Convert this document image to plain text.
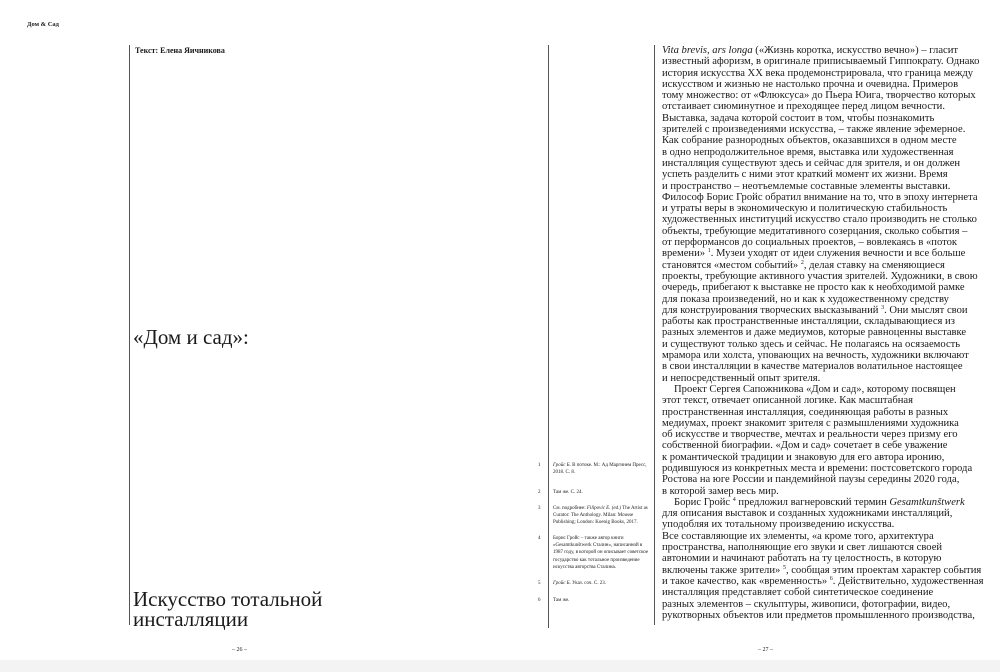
Дом & Сад
Текст: Елена Яичникова
«Дом и сад»:
Искусство тотальной
инсталляции
– 26 –
1	Гройс Б. В потоке. М.: Ад Маргинем Пресс, 2018. С. 8.
2	Там же. С. 24.
3	См. подробнее: Filipovic E. (ed.) The Artist as Curator: The Anthology. Milan: Mousse Publishing; London: Koenig Books, 2017.
4	Борис Гройс – также автор книги «Gesamtkunštwerk Сталин», написанной в 1987 году, в которой он описывает советское государство как тотальное произведение искусства авторства Сталина.
5	Гройс Б. Указ. соч. С. 23.
6	Там же.
Vita brevis, ars longa («Жизнь коротка, искусство вечно») – гласит
известный афоризм, в оригинале приписываемый Гиппократу. Однако
история искусства XX века продемонстрировала, что граница между
искусством и жизнью не настолько прочна и очевидна. Примеров
тому множество: от «Флюксуса» до Пьера Юига, творчество которых
отстаивает сиюминутное и преходящее перед лицом вечности.
Выставка, задача которой состоит в том, чтобы познакомить
зрителей с произведениями искусства, – также явление эфемерное.
Как собрание разнородных объектов, оказавшихся в одном месте
в одно непродолжительное время, выставка или художественная
инсталляция существуют здесь и сейчас для зрителя, и он должен
успеть разделить с ними этот краткий момент их жизни. Время
и пространство – неотъемлемые составные элементы выставки.
Философ Борис Гройс обратил внимание на то, что в эпоху интернета
и утраты веры в экономическую и политическую стабильность
художественных институций искусство стало производить не столько
объекты, требующие медитативного созерцания, сколько события –
от перформансов до социальных проектов, – вовлекаясь в «поток
времени» $^1$. Музеи уходят от идеи служения вечности и все больше
становятся «местом событий» $^2$, делая ставку на сменяющиеся
проекты, требующие активного участия зрителей. Художники, в свою
очередь, прибегают к выставке не просто как к необходимой рамке
для показа произведений, но и как к художественному средству
для конструирования творческих высказываний $^3$. Они мыслят свои
работы как пространственные инсталляции, складывающиеся из
разных элементов и даже медиумов, которые равноценны выставке
и существуют только здесь и сейчас. Не полагаясь на осязаемость
мрамора или холста, уповающих на вечность, художники включают
в свои инсталляции в качестве материалов волатильное настоящее
и непосредственный опыт зрителя.
Проект Сергея Сапожникова «Дом и сад», которому посвящен
этот текст, отвечает описанной логике. Как масштабная
пространственная инсталляция, соединяющая работы в разных
медиумах, проект знакомит зрителя с размышлениями художника
об искусстве и творчестве, мечтах и реальности через призму его
собственной биографии. «Дом и сад» сочетает в себе уважение
к романтической традиции и знаковую для его автора иронию,
родившуюся из конкретных места и времени: постсоветского города
Ростова на юге России и пандемийной паузы середины 2020 года,
в которой замер весь мир.
Борис Гройс $^4$ предложил вагнеровский термин Gesamtkunštwerk
для описания выставок и созданных художниками инсталляций,
уподобляя их тотальному произведению искусства.
Все составляющие их элементы, «а кроме того, архитектура
пространства, наполняющие его звуки и свет лишаются своей
автономии и начинают работать на ту целостность, в которую
включены также зрители» $^5$, сообщая этим проектам характер события
и такое качество, как «временность» $^6$. Действительно, художественная
инсталляция представляет собой синтетическое соединение
разных элементов – скульптуры, живописи, фотографии, видео,
рукотворных объектов или предметов промышленного производства,
– 27 –
